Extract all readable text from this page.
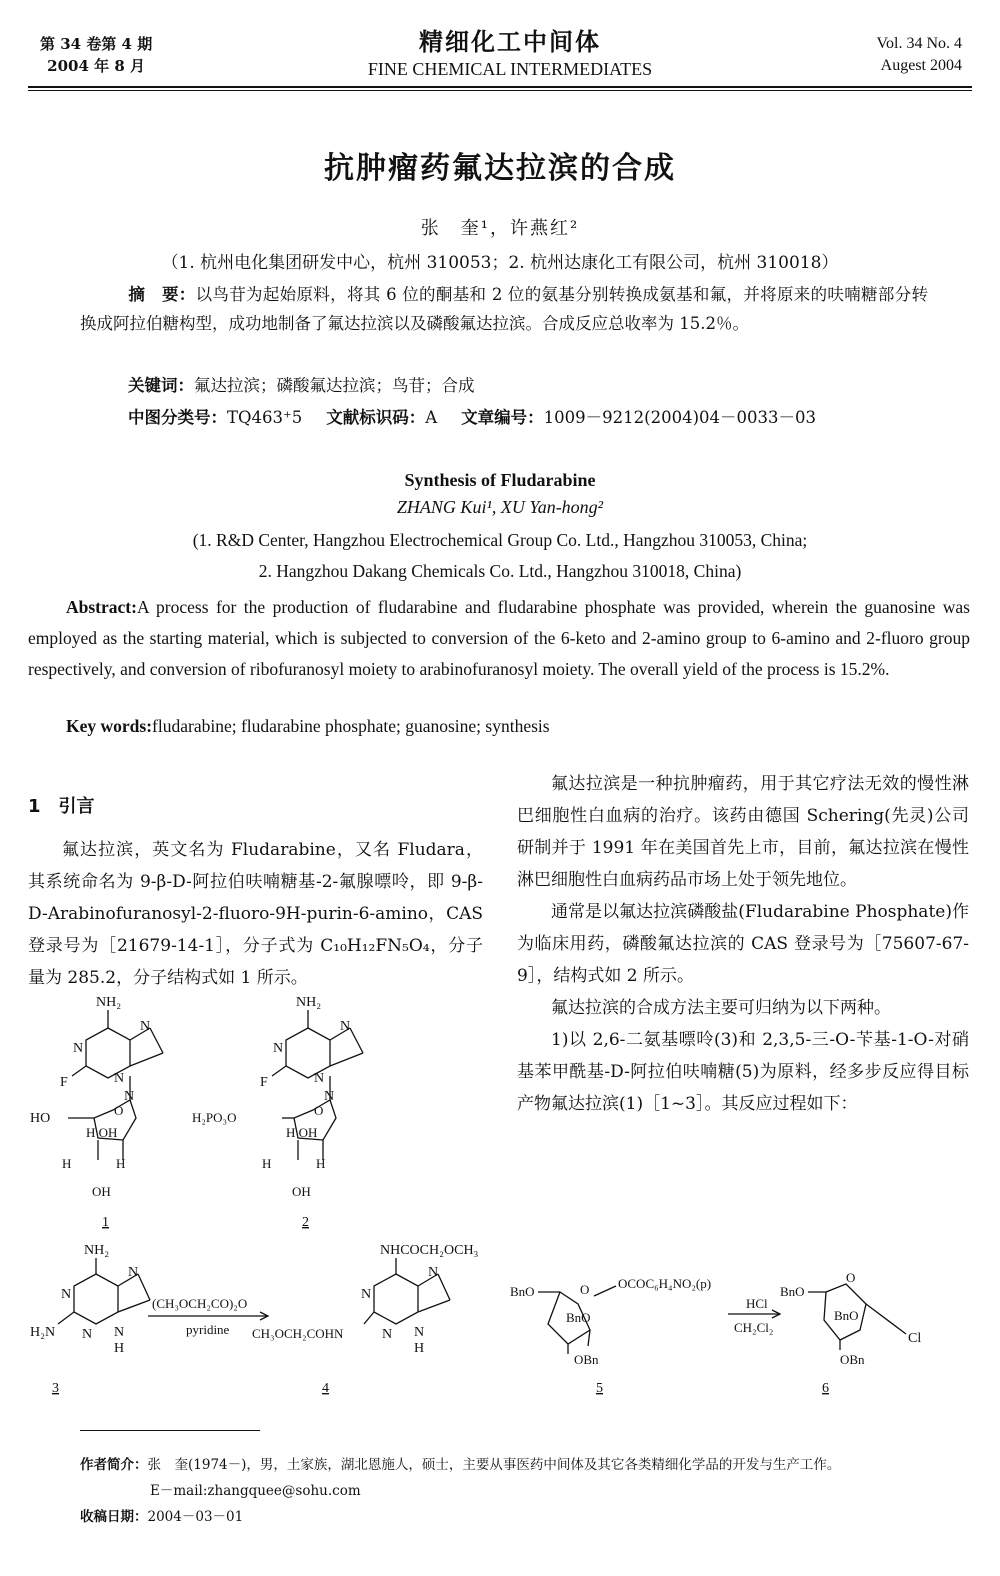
第 34 卷第 4 期
2004 年 8 月
精细化工中间体
FINE CHEMICAL INTERMEDIATES
Vol. 34 No. 4
Augest 2004
抗肿瘤药氟达拉滨的合成
张　奎¹，许燕红²
（1. 杭州电化集团研发中心，杭州 310053；2. 杭州达康化工有限公司，杭州 310018）
摘　要：以鸟苷为起始原料，将其 6 位的酮基和 2 位的氨基分别转换成氨基和氟，并将原来的呋喃糖部分转换成阿拉伯糖构型，成功地制备了氟达拉滨以及磷酸氟达拉滨。合成反应总收率为 15.2％。
关键词：氟达拉滨；磷酸氟达拉滨；鸟苷；合成
中图分类号：TQ463⁺5 文献标识码：A 文章编号：1009－9212(2004)04－0033－03
Synthesis of Fludarabine
ZHANG Kui¹, XU Yan-hong²
(1. R&D Center, Hangzhou Electrochemical Group Co. Ltd., Hangzhou 310053, China;
2. Hangzhou Dakang Chemicals Co. Ltd., Hangzhou 310018, China)
Abstract:A process for the production of fludarabine and fludarabine phosphate was provided, wherein the guanosine was employed as the starting material, which is subjected to conversion of the 6-keto and 2-amino group to 6-amino and 2-fluoro group respectively, and conversion of ribofuranosyl moiety to arabinofuranosyl moiety. The overall yield of the process is 15.2%.
Key words:fludarabine; fludarabine phosphate; guanosine; synthesis
1　引言

氟达拉滨，英文名为 Fludarabine，又名 Fludara，其系统命名为 9-β-D-阿拉伯呋喃糖基-2-氟腺嘌呤，即 9-β-D-Arabinofuranosyl-2-fluoro-9H-purin-6-amino，CAS 登录号为［21679-14-1］，分子式为 C₁₀H₁₂FN₅O₄，分子量为 285.2，分子结构式如 1 所示。

氟达拉滨是一种抗肿瘤药，用于其它疗法无效的慢性淋巴细胞性白血病的治疗。该药由德国 Schering(先灵)公司研制并于 1991 年在美国首先上市，目前，氟达拉滨在慢性淋巴细胞性白血病药品市场上处于领先地位。

通常是以氟达拉滨磷酸盐(Fludarabine Phosphate)作为临床用药，磷酸氟达拉滨的 CAS 登录号为［75607-67-9］，结构式如 2 所示。

氟达拉滨的合成方法主要可归纳为以下两种。

1)以 2,6-二氨基嘌呤(3)和 2,3,5-三-O-苄基-1-O-对硝基苯甲酰基-D-阿拉伯呋喃糖(5)为原料，经多步反应得目标产物氟达拉滨(1)［1~3］。其反应过程如下：

NH₂
N
N
N
F
N
O
HO
H OH
H	H
OH
1
NH₂
N
N
N
F
N
O
H₂PO₃O
H OH
H	H
OH
2
NH₂
N
N
N N
H
H₂N
3
(CH₃OCH₂CO)₂O
pyridine
NHCOCH₂OCH₃
N
N
N N
H
CH₃OCH₂COHN
4
BnO	O OCOC₆H₄NO₂(p)
BnO
OBn
5
HCl
CH₂Cl₂
BnO
O
BnO
Cl
OBn
6
作者简介：张　奎(1974－)，男，土家族，湖北恩施人，硕士，主要从事医药中间体及其它各类精细化学品的开发与生产工作。
E－mail:zhangquee@sohu.com
收稿日期：2004－03－01
